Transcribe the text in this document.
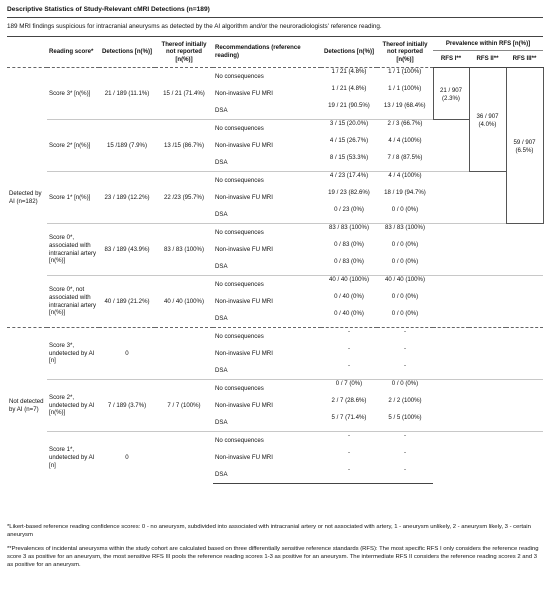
Descriptive Statistics of Study-Relevant cMRI Detections (n=189)
189 MRI findings suspicious for intracranial aneurysms as detected by the AI algorithm and/or the neuroradiologists' reference reading.
	Reading score*	Detections [n(%)]	Thereof initially not reported [n(%)]	Recommendations (reference reading)	Detections [n(%)]	Thereof initially not reported [n(%)]	Prevalence within RFS [n(%)]		
							RFS I**	RFS II**	RFS III**
Detected by AI (n=182)	Score 3* [n(%)]	21 / 189 (11.1%)	15 / 21 (71.4%)	No consequences	1 / 21 (4.8%)	1 / 1 (100%)	21 / 907 (2.3%)	36 / 907 (4.0%)	59 / 907 (6.5%)
				Non-invasive FU MRI	1 / 21 (4.8%)	1 / 1 (100%)			
				DSA	19 / 21 (90.5%)	13 / 19 (68.4%)			
	Score 2* [n(%)]	15 /189 (7.9%)	13 /15 (86.7%)	No consequences	3 / 15 (20.0%)	2 / 3 (66.7%)			
				Non-invasive FU MRI	4 / 15 (26.7%)	4 / 4 (100%)			
				DSA	8 / 15 (53.3%)	7 / 8 (87.5%)			
	Score 1* [n(%)]	23 / 189 (12.2%)	22 /23 (95.7%)	No consequences	4 / 23 (17.4%)	4 / 4 (100%)			
				Non-invasive FU MRI	19 / 23 (82.6%)	18 / 19 (94.7%)			
				DSA	0 / 23 (0%)	0 / 0 (0%)			
	Score 0*, associated with intracranial artery [n(%)]	83 / 189 (43.9%)	83 / 83 (100%)	No consequences	83 / 83 (100%)	83 / 83 (100%)			
				Non-invasive FU MRI	0 / 83 (0%)	0 / 0 (0%)			
				DSA	0 / 83 (0%)	0 / 0 (0%)			
	Score 0*, not associated with intracranial artery [n(%)]	40 / 189 (21.2%)	40 / 40 (100%)	No consequences	40 / 40 (100%)	40 / 40 (100%)			
				Non-invasive FU MRI	0 / 40 (0%)	0 / 0 (0%)			
				DSA	0 / 40 (0%)	0 / 0 (0%)			
Not detected by AI (n=7)	Score 3*, undetected by AI [n]	0		No consequences	-	-			
				Non-invasive FU MRI	-	-			
				DSA	-	-			
	Score 2*, undetected by AI [n(%)]	7 / 189 (3.7%)	7 / 7 (100%)	No consequences	0 / 7 (0%)	0 / 0 (0%)			
				Non-invasive FU MRI	2 / 7 (28.6%)	2 / 2 (100%)			
				DSA	5 / 7 (71.4%)	5 / 5 (100%)			
	Score 1*, undetected by AI [n]	0		No consequences	-	-			
				Non-invasive FU MRI	-	-			
				DSA	-	-			

*Likert-based reference reading confidence scores: 0 - no aneurysm, subdivided into associated with intracranial artery or not associated with artery, 1 - aneurysm unlikely, 2 - aneurysm likely, 3 - certain aneurysm

**Prevalences of incidental aneurysms within the study cohort are calculated based on three differentially sensitive reference standards (RFS): The most specific RFS I only considers the reference reading score 3 as positive for an aneurysm, the most sensitive RFS III pools the reference reading scores 1-3 as positive for an aneurysm. The intermediate RFS II considers the reference reading scores 2 and 3 as positive for an aneurysm.
